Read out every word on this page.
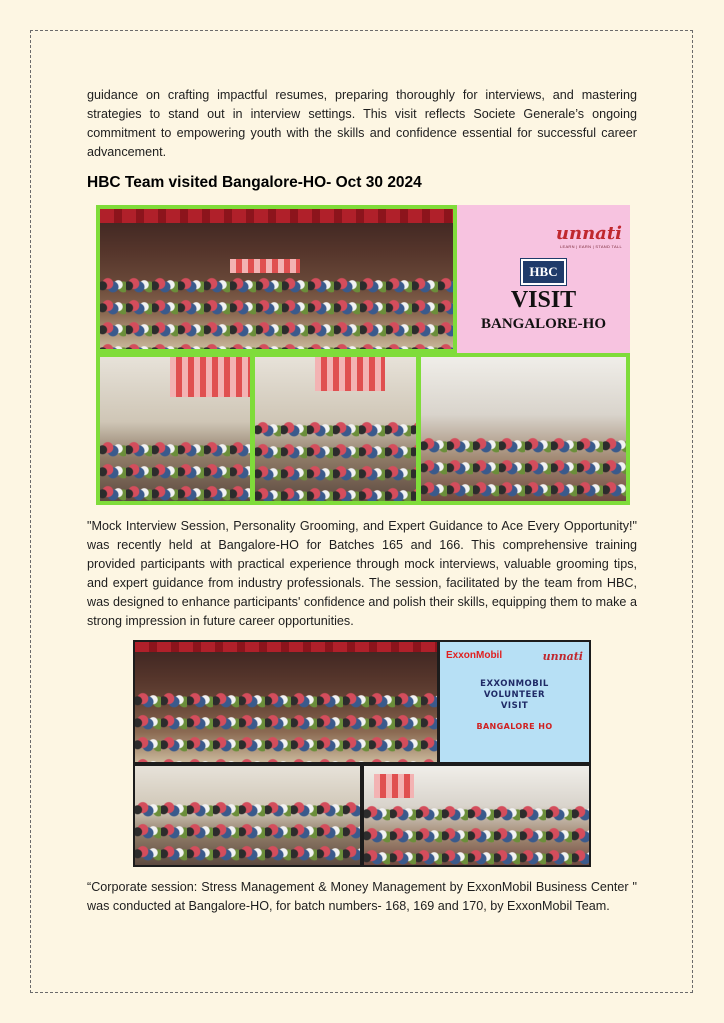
guidance on crafting impactful resumes, preparing thoroughly for interviews, and mastering strategies to stand out in interview settings. This visit reflects Societe Generale’s ongoing commitment to empowering youth with the skills and confidence essential for successful career advancement.

HBC Team visited Bangalore-HO- Oct 30 2024
unnati
LEARN | EARN | STAND TALL
HBC
VISIT
BANGALORE-HO

"Mock Interview Session, Personality Grooming, and Expert Guidance to Ace Every Opportunity!" was recently held at Bangalore-HO for Batches 165 and 166. This comprehensive training provided participants with practical experience through mock interviews, valuable grooming tips, and expert guidance from industry professionals. The session, facilitated by the team from HBC, was designed to enhance participants' confidence and polish their skills, equipping them to make a strong impression in future career opportunities.

ExxonMobil	unnati
EXXONMOBIL
VOLUNTEER
VISIT
BANGALORE HO

“Corporate session: Stress Management & Money Management by ExxonMobil Business Center " was conducted at Bangalore-HO, for batch numbers- 168, 169 and 170, by ExxonMobil Team.
